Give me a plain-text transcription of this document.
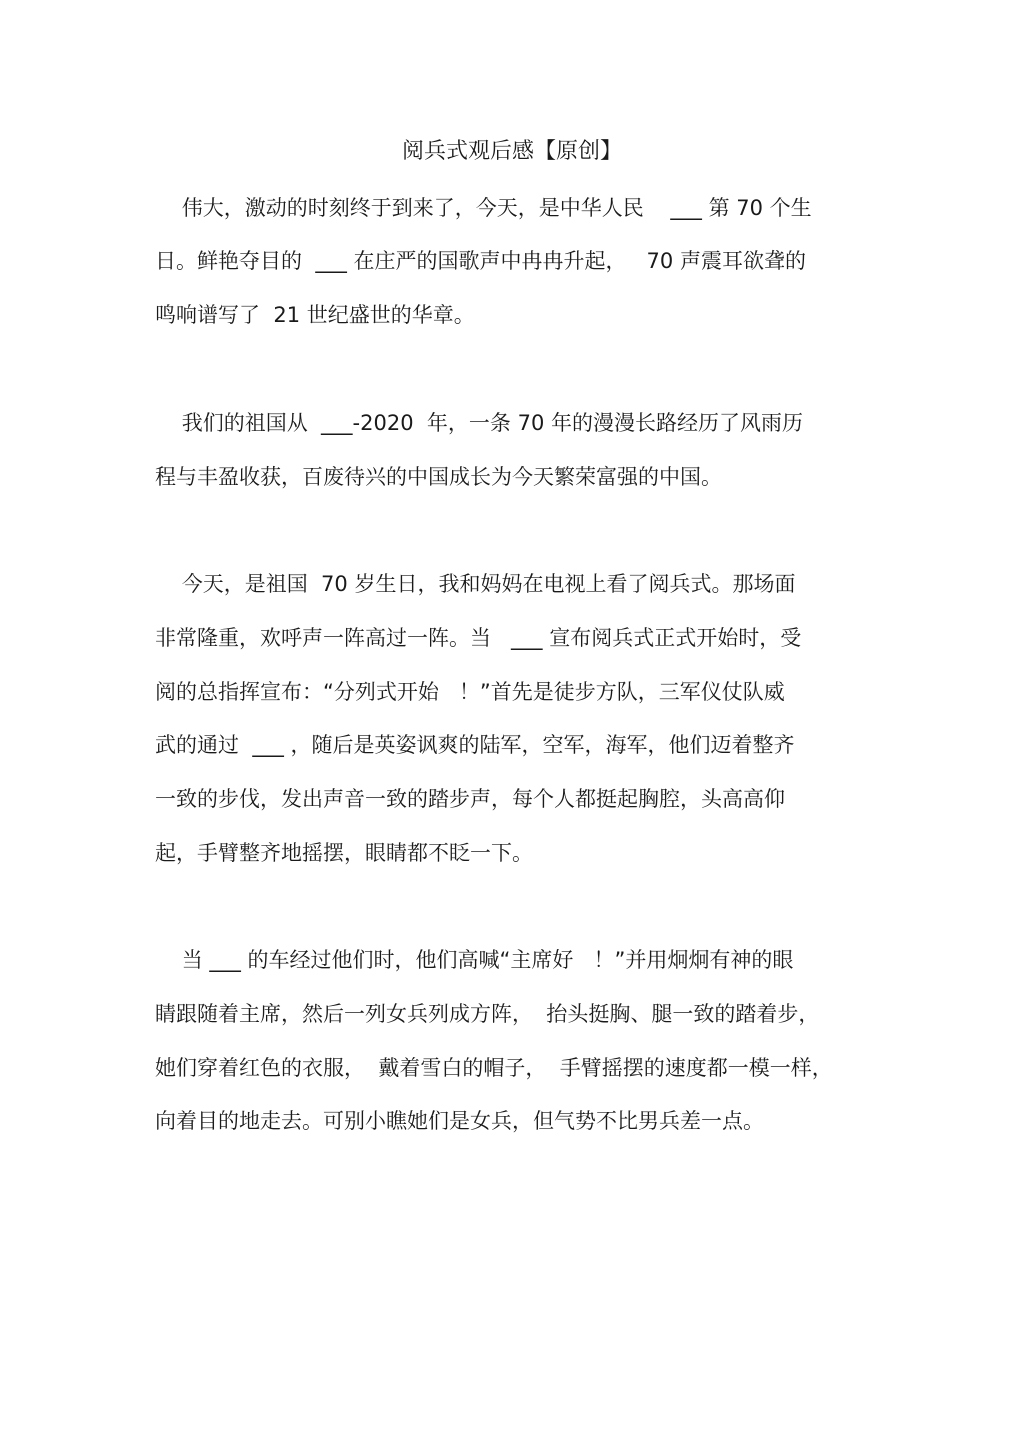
阅兵式观后感【原创】
伟大，激动的时刻终于到来了，今天，是中华人民    ___ 第 70 个生
日。鲜艳夺目的  ___ 在庄严的国歌声中冉冉升起，   70 声震耳欲聋的
鸣响谱写了  21 世纪盛世的华章。
我们的祖国从  ___-2020  年，一条 70 年的漫漫长路经历了风雨历
程与丰盈收获，百废待兴的中国成长为今天繁荣富强的中国。
今天，是祖国  70 岁生日，我和妈妈在电视上看了阅兵式。那场面
非常隆重，欢呼声一阵高过一阵。当   ___ 宣布阅兵式正式开始时，受
阅的总指挥宣布：“分列式开始   ！”首先是徒步方队，三军仪仗队威
武的通过  ___ ，随后是英姿讽爽的陆军，空军，海军，他们迈着整齐
一致的步伐，发出声音一致的踏步声，每个人都挺起胸腔，头高高仰
起，手臂整齐地摇摆，眼睛都不眨一下。
当 ___ 的车经过他们时，他们高喊“主席好   ！”并用炯炯有神的眼
睛跟随着主席，然后一列女兵列成方阵，  抬头挺胸、腿一致的踏着步，
她们穿着红色的衣服，  戴着雪白的帽子，  手臂摇摆的速度都一模一样，
向着目的地走去。可别小瞧她们是女兵，但气势不比男兵差一点。
